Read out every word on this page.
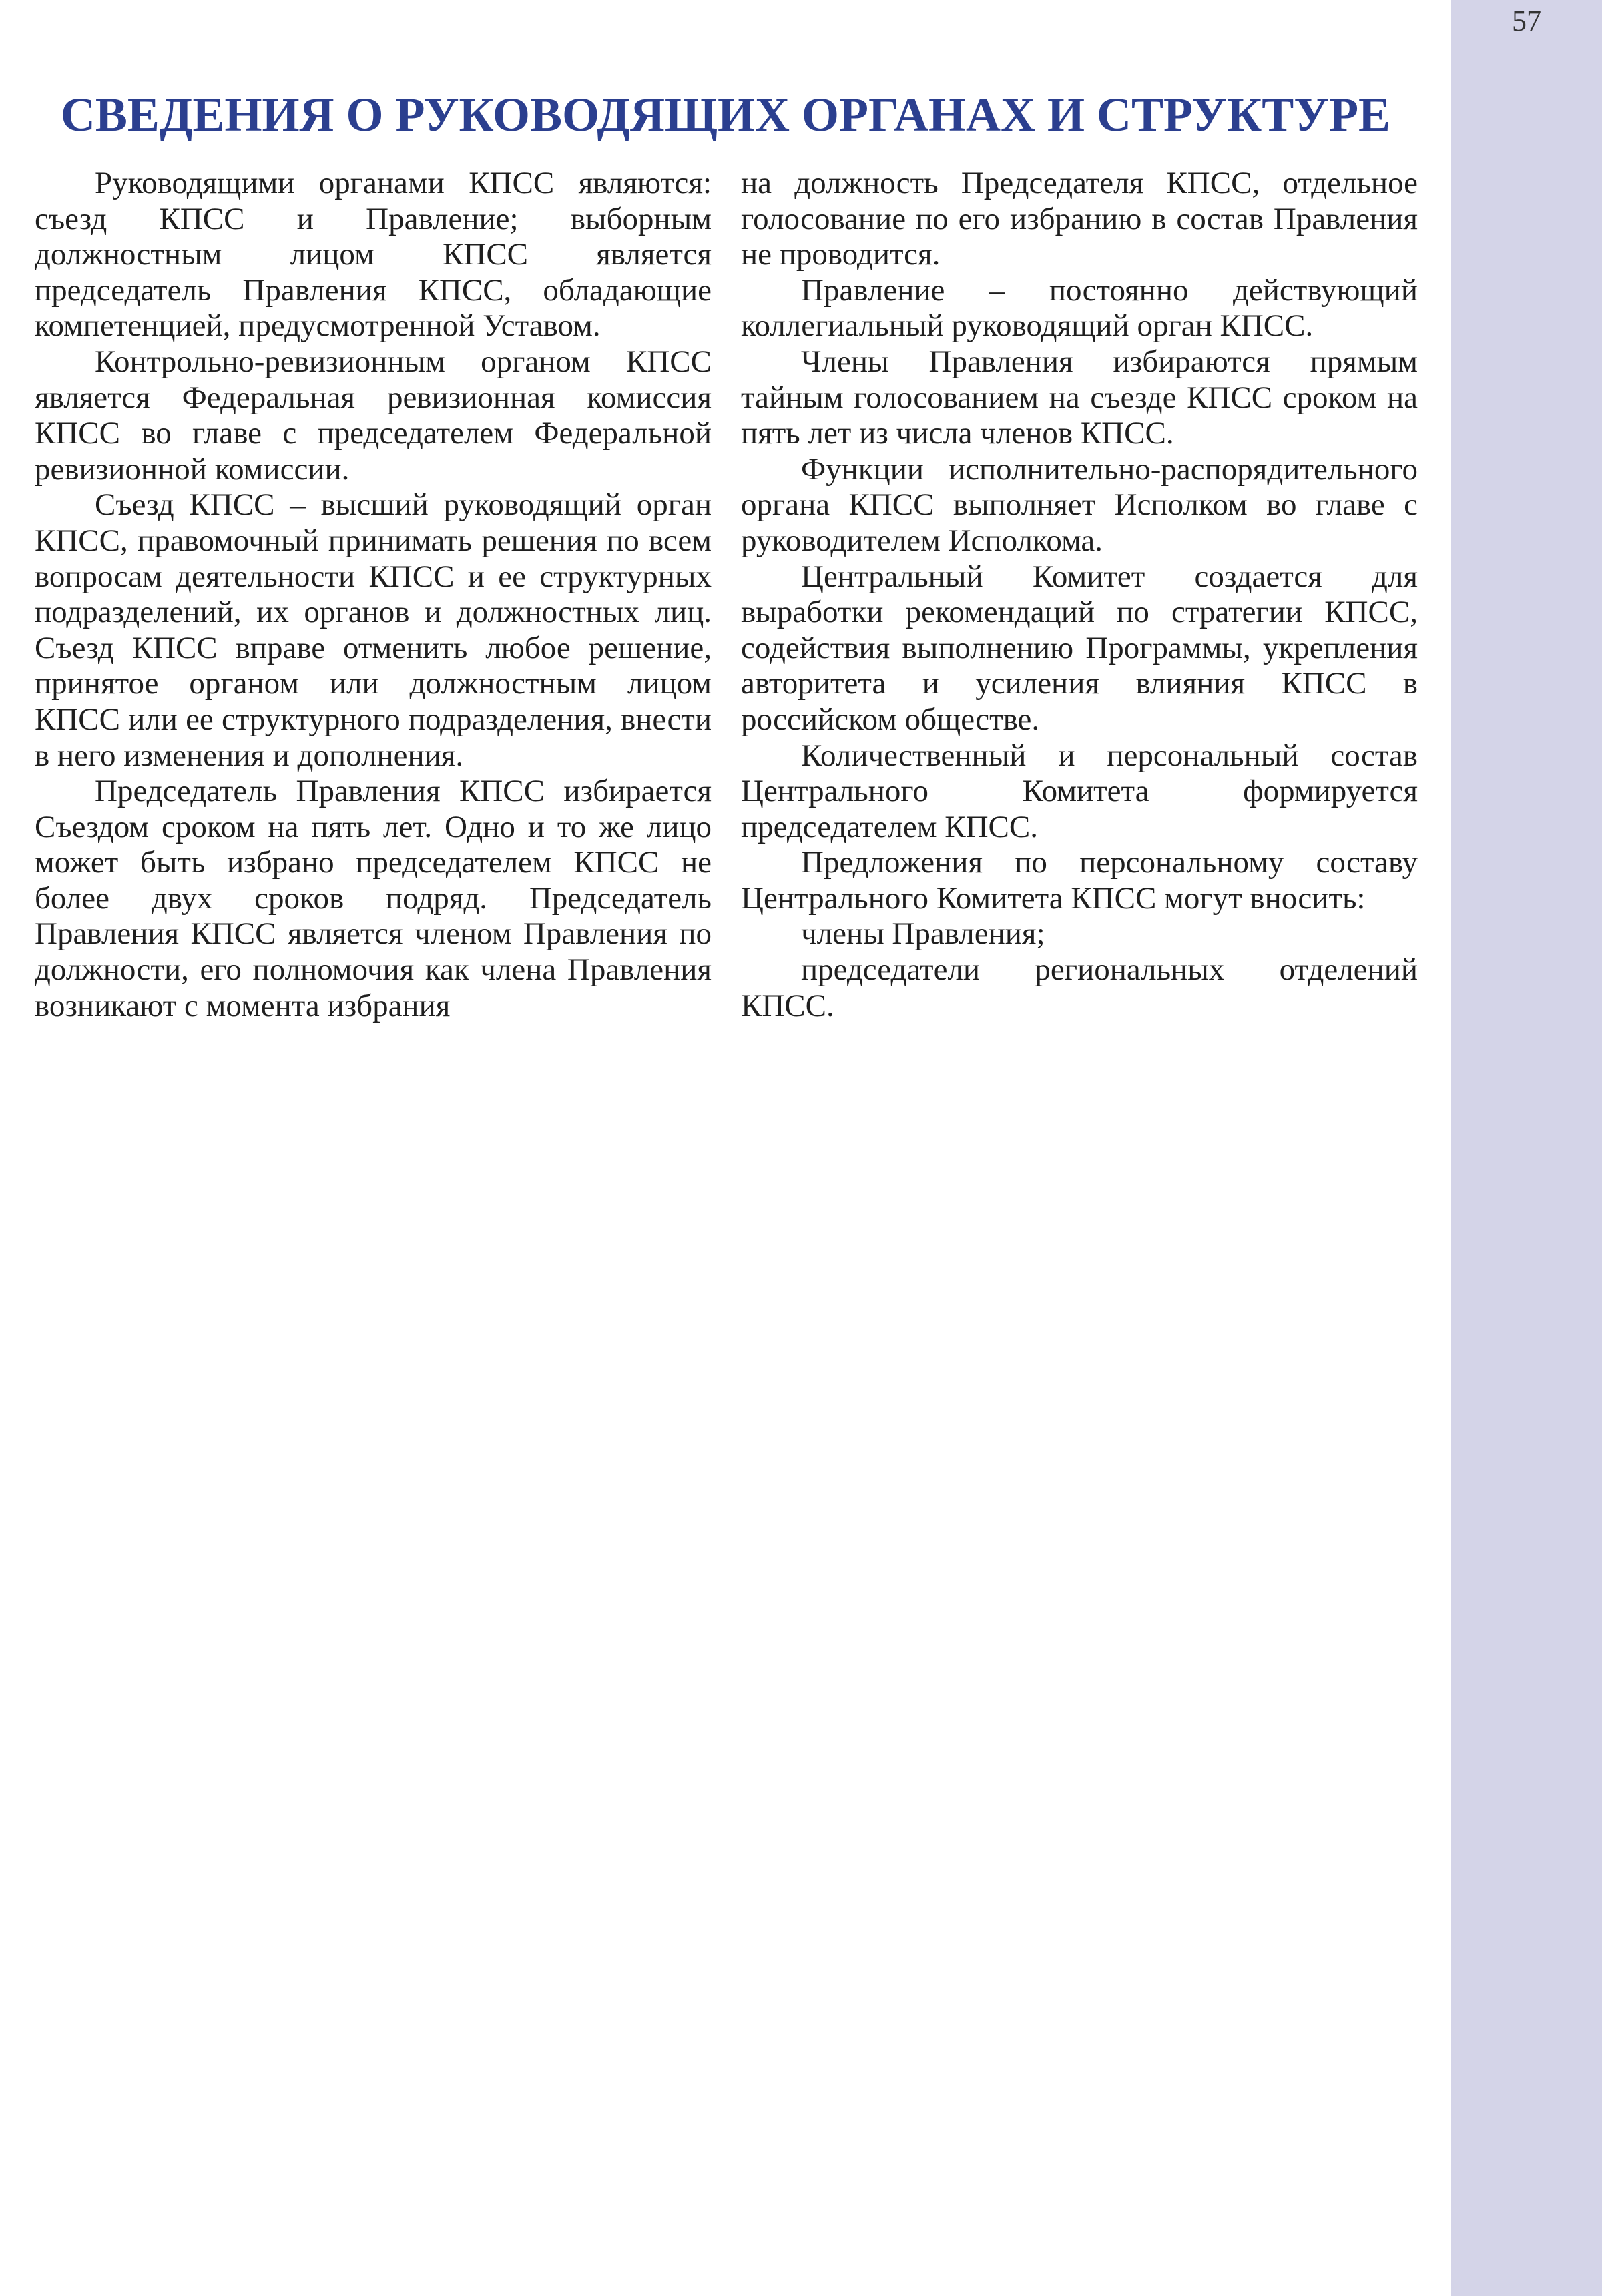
57
СВЕДЕНИЯ О РУКОВОДЯЩИХ ОРГАНАХ И СТРУКТУРЕ

Руководящими органами КПСС являются: съезд КПСС и Правление; выборным должностным лицом КПСС является председатель Правления КПСС, обладающие компетенцией, предусмотренной Уставом.

Контрольно-ревизионным органом КПСС является Федеральная ревизионная комиссия КПСС во главе с председателем Федеральной ревизионной комиссии.

Съезд КПСС – высший руководящий орган КПСС, правомочный принимать решения по всем вопросам деятельности КПСС и ее структурных подразделений, их органов и должностных лиц. Съезд КПСС вправе отменить любое решение, принятое органом или должностным лицом КПСС или ее структурного подразделения, внести в него изменения и дополнения.

Председатель Правления КПСС избирается Съездом сроком на пять лет. Одно и то же лицо может быть избрано председателем КПСС не более двух сроков подряд. Председатель Правления КПСС является членом Правления по должности, его полномочия как члена Правления возникают с момента избрания

на должность Председателя КПСС, отдельное голосование по его избранию в состав Правления не проводится.

Правление – постоянно действующий коллегиальный руководящий орган КПСС.

Члены Правления избираются прямым тайным голосованием на съезде КПСС сроком на пять лет из числа членов КПСС.

Функции исполнительно-распорядительного органа КПСС выполняет Исполком во главе с руководителем Исполкома.

Центральный Комитет создается для выработки рекомендаций по стратегии КПСС, содействия выполнению Программы, укрепления авторитета и усиления влияния КПСС в российском обществе.

Количественный и персональный состав Центрального Комитета формируется председателем КПСС.

Предложения по персональному составу Центрального Комитета КПСС могут вносить:

члены Правления;

председатели региональных отделений КПСС.
